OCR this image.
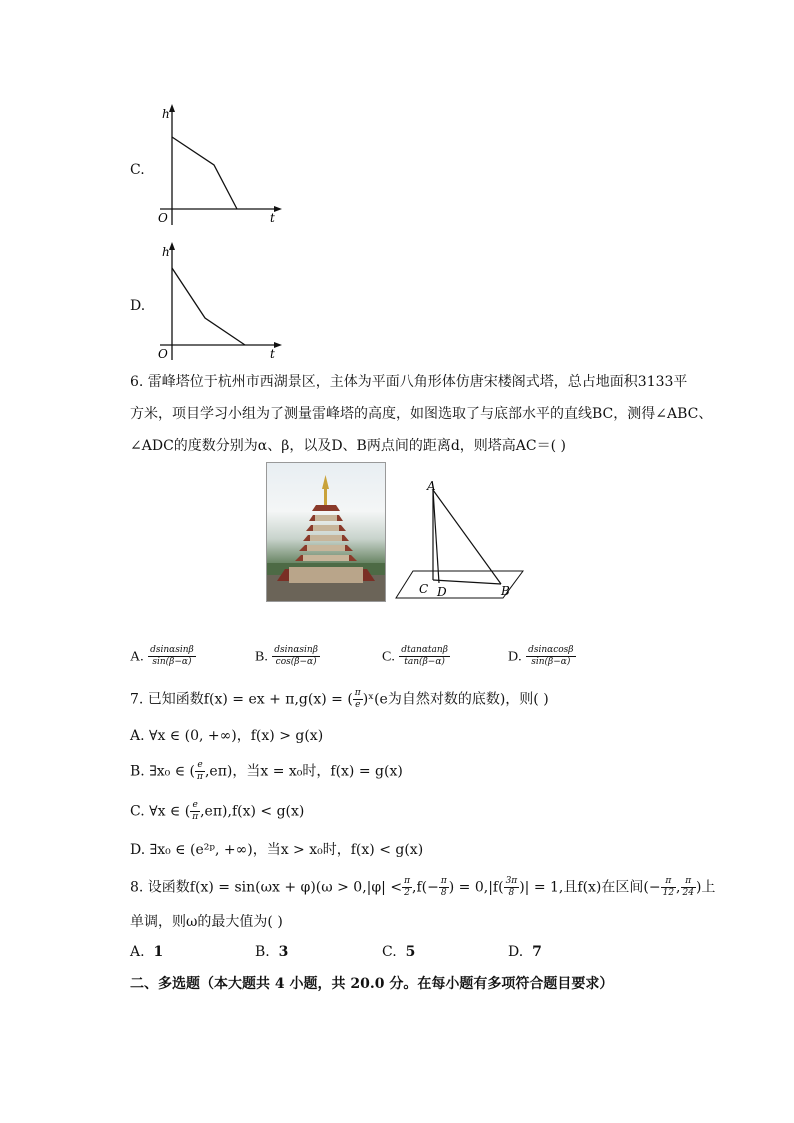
C.
h
O	t
D.
h
O	t
6. 雷峰塔位于杭州市西湖景区，主体为平面八角形体仿唐宋楼阁式塔，总占地面积3133平
方米，项目学习小组为了测量雷峰塔的高度，如图选取了与底部水平的直线BC，测得∠ABC、
∠ADC的度数分别为α、β，以及D、B两点间的距离d，则塔高AC＝( )
A
C D	B
A. $\frac{dsin\alpha\sin\beta}{\sin(\beta-\alpha)}$	B. $\frac{dsin\alpha\sin\beta}{\cos(\beta-\alpha)}$	C. $\frac{dtan\alpha\tan\beta}{\tan(\beta-\alpha)}$	D. $\frac{dsin\alpha\cos\beta}{\sin(\beta-\alpha)}$
7. 已知函数f(x) = ex + π,g(x) = ( $\frac{\pi}{e}$ )ˣ(e为自然对数的底数)，则( )
A. ∀x ∈ (0, +∞)，f(x) > g(x)
B. ∃x₀ ∈ ( $\frac{e}{\pi} ,e\pi$)，当x = x₀时，f(x) = g(x)
C. ∀x ∈ ( $\frac{e}{\pi} ,e\pi),f(x) < g(x)$
D. ∃x₀ ∈ (e²ᵖ, +∞)，当x > x₀时，f(x) < g(x)
8. 设函数$f(x) = \sin(\omega x + \varphi)(\omega > 0,|\varphi| < \frac{\pi}{2} ,f(- \frac{\pi}{8}$ ) = $0,|f( \frac{3\pi}{8}$ )| = 1,且f(x)在区间(− $\frac{\pi}{12}$ , $\frac{\pi}{24}$ )上
单调，则ω的最大值为( )
A. 1	B. 3	C. 5	D. 7
二、多选题（本大题共 4 小题，共 20.0 分。在每小题有多项符合题目要求）
